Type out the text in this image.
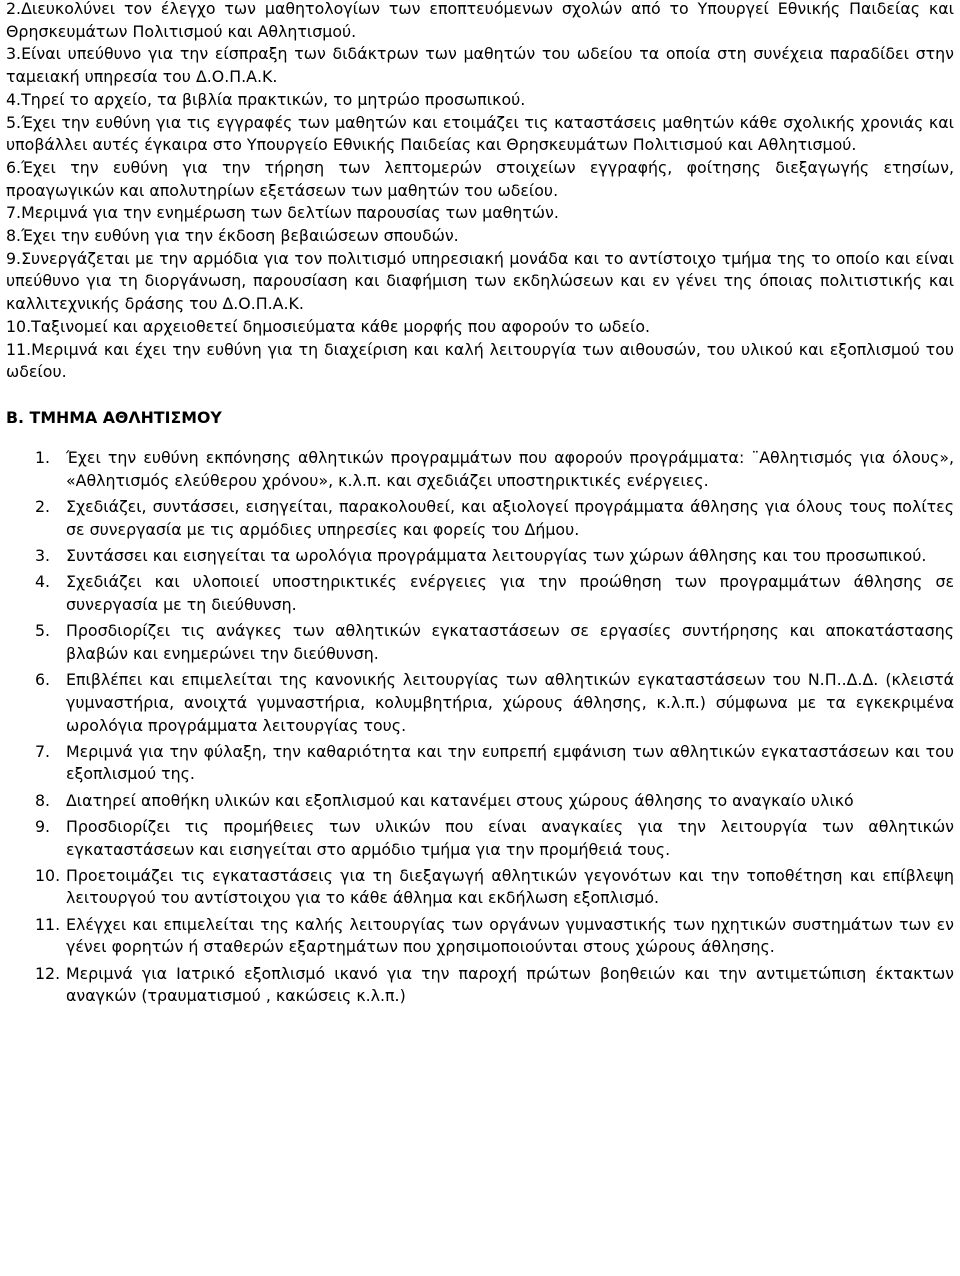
2.Διευκολύνει τον έλεγχο των μαθητολογίων των εποπτευόμενων σχολών από το Υπουργεί Εθνικής Παιδείας και Θρησκευμάτων Πολιτισμού και Αθλητισμού.

3.Είναι υπεύθυνο για την είσπραξη των διδάκτρων των μαθητών του ωδείου τα οποία στη συνέχεια παραδίδει στην ταμειακή υπηρεσία του Δ.Ο.Π.Α.Κ.

4.Τηρεί το αρχείο, τα βιβλία πρακτικών, το μητρώο προσωπικού.

5.Έχει την ευθύνη για τις εγγραφές των μαθητών και ετοιμάζει τις καταστάσεις μαθητών κάθε σχολικής χρονιάς και υποβάλλει αυτές έγκαιρα στο Υπουργείο Εθνικής Παιδείας και Θρησκευμάτων Πολιτισμού και Αθλητισμού.

6.Έχει την ευθύνη για την τήρηση των λεπτομερών στοιχείων εγγραφής, φοίτησης διεξαγωγής ετησίων, προαγωγικών και απολυτηρίων εξετάσεων των μαθητών του ωδείου.

7.Μεριμνά για την ενημέρωση των δελτίων παρουσίας των μαθητών.

8.Έχει την ευθύνη για την έκδοση βεβαιώσεων σπουδών.

9.Συνεργάζεται με την αρμόδια για τον πολιτισμό υπηρεσιακή μονάδα και το αντίστοιχο τμήμα της το οποίο και είναι υπεύθυνο για τη διοργάνωση, παρουσίαση και διαφήμιση των εκδηλώσεων και εν γένει της όποιας πολιτιστικής και καλλιτεχνικής δράσης του Δ.Ο.Π.Α.Κ.

10.Ταξινομεί και αρχειοθετεί δημοσιεύματα κάθε μορφής που αφορούν το ωδείο.

11.Μεριμνά και έχει την ευθύνη για τη διαχείριση και καλή λειτουργία των αιθουσών, του υλικού και εξοπλισμού του ωδείου.

Β. ΤΜΗΜΑ ΑΘΛΗΤΙΣΜΟΥ

1. Έχει την ευθύνη εκπόνησης αθλητικών προγραμμάτων που αφορούν προγράμματα: ¨Αθλητισμός για όλους», «Αθλητισμός ελεύθερου χρόνου», κ.λ.π. και σχεδιάζει υποστηρικτικές ενέργειες.
2. Σχεδιάζει, συντάσσει, εισηγείται, παρακολουθεί, και αξιολογεί προγράμματα άθλησης για όλους τους πολίτες σε συνεργασία με τις αρμόδιες υπηρεσίες και φορείς του Δήμου.
3. Συντάσσει και εισηγείται τα ωρολόγια προγράμματα λειτουργίας των χώρων άθλησης και του προσωπικού.
4. Σχεδιάζει και υλοποιεί υποστηρικτικές ενέργειες για την προώθηση των προγραμμάτων άθλησης σε συνεργασία με τη διεύθυνση.
5. Προσδιορίζει τις ανάγκες των αθλητικών εγκαταστάσεων σε εργασίες συντήρησης και αποκατάστασης βλαβών και ενημερώνει την διεύθυνση.
6. Επιβλέπει και επιμελείται της κανονικής λειτουργίας των αθλητικών εγκαταστάσεων του Ν.Π..Δ.Δ. (κλειστά γυμναστήρια, ανοιχτά γυμναστήρια, κολυμβητήρια, χώρους άθλησης, κ.λ.π.) σύμφωνα με τα εγκεκριμένα ωρολόγια προγράμματα λειτουργίας τους.
7. Μεριμνά για την φύλαξη, την καθαριότητα και την ευπρεπή εμφάνιση των αθλητικών εγκαταστάσεων και του εξοπλισμού της.
8. Διατηρεί αποθήκη υλικών και εξοπλισμού και κατανέμει στους χώρους άθλησης το αναγκαίο υλικό
9. Προσδιορίζει τις προμήθειες των υλικών που είναι αναγκαίες για την λειτουργία των αθλητικών εγκαταστάσεων και εισηγείται στο αρμόδιο τμήμα για την προμήθειά τους.
10. Προετοιμάζει τις εγκαταστάσεις για τη διεξαγωγή αθλητικών γεγονότων και την τοποθέτηση και επίβλεψη λειτουργού του αντίστοιχου για το κάθε άθλημα και εκδήλωση εξοπλισμό.
11. Ελέγχει και επιμελείται της καλής λειτουργίας των οργάνων γυμναστικής των ηχητικών συστημάτων των εν γένει φορητών ή σταθερών εξαρτημάτων που χρησιμοποιούνται στους χώρους άθλησης.
12. Μεριμνά για Ιατρικό εξοπλισμό ικανό για την παροχή πρώτων βοηθειών και την αντιμετώπιση έκτακτων αναγκών (τραυματισμού , κακώσεις κ.λ.π.)
